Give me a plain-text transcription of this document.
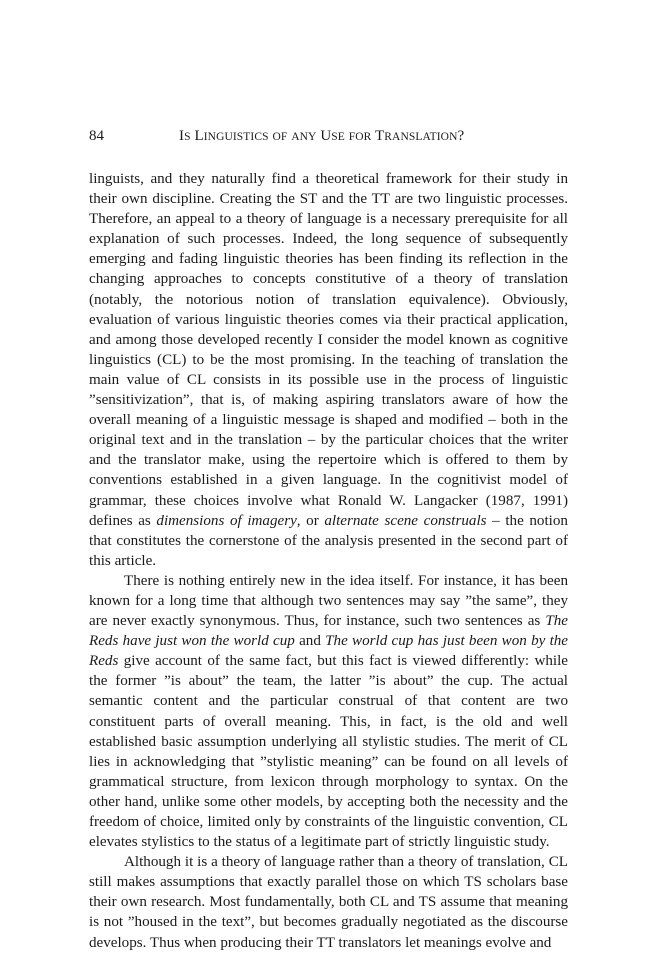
84	IS LINGUISTICS OF ANY USE FOR TRANSLATION?

linguists, and they naturally find a theoretical framework for their study in their own discipline. Creating the ST and the TT are two linguistic processes. Therefore, an appeal to a theory of language is a necessary prerequisite for all explanation of such processes. Indeed, the long sequence of subsequently emerging and fading linguistic theories has been finding its reflection in the changing approaches to concepts constitutive of a theory of translation (notably, the notorious notion of translation equivalence). Obviously, evaluation of various linguistic theories comes via their practical application, and among those developed recently I consider the model known as cognitive linguistics (CL) to be the most promising. In the teaching of translation the main value of CL consists in its possible use in the process of linguistic ”sensitivization”, that is, of making aspiring translators aware of how the overall meaning of a linguistic message is shaped and modified – both in the original text and in the translation – by the particular choices that the writer and the translator make, using the repertoire which is offered to them by conventions established in a given language. In the cognitivist model of grammar, these choices involve what Ronald W. Langacker (1987, 1991) defines as dimensions of imagery, or alternate scene construals – the notion that constitutes the cornerstone of the analysis presented in the second part of this article.

There is nothing entirely new in the idea itself. For instance, it has been known for a long time that although two sentences may say ”the same”, they are never exactly synonymous. Thus, for instance, such two sentences as The Reds have just won the world cup and The world cup has just been won by the Reds give account of the same fact, but this fact is viewed differently: while the former ”is about” the team, the latter ”is about” the cup. The actual semantic content and the particular construal of that content are two constituent parts of overall meaning. This, in fact, is the old and well established basic assumption underlying all stylistic studies. The merit of CL lies in acknowledging that ”stylistic meaning” can be found on all levels of grammatical structure, from lexicon through morphology to syntax. On the other hand, unlike some other models, by accepting both the necessity and the freedom of choice, limited only by constraints of the linguistic convention, CL elevates stylistics to the status of a legitimate part of strictly linguistic study.

Although it is a theory of language rather than a theory of translation, CL still makes assumptions that exactly parallel those on which TS scholars base their own research. Most fundamentally, both CL and TS assume that meaning is not ”housed in the text”, but becomes gradually negotiated as the discourse develops. Thus when producing their TT translators let meanings evolve and
